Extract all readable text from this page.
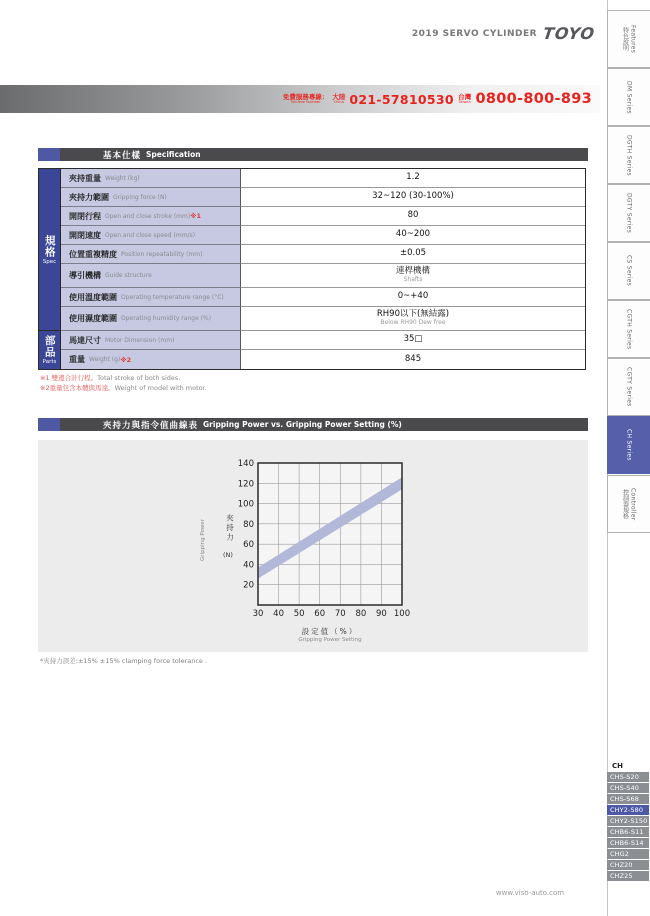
2019 SERVO CYLINDER TOYO
免費服務專線：
Toll-free Number
大陸
China 021-57810530 台灣
Taiwan 0800-800-893
基本仕樣 Specification
規格
Spec
部品
Parts
夾持重量 Weight (kg)	1.2
夾持力範圍 Gripping force (N)	32~120 (30-100%)
開閉行程 Open and close stroke (mm) ※1	80
開閉速度 Open and close speed (mm/s)	40~200
位置重複精度 Position repeatability (mm)	±0.05
導引機構 Guide structure	連桿機構
Shafts
使用溫度範圍 Operating temperature range (°C)	0~+40
使用濕度範圍 Operating humidity range (%)	RH90以下(無結露)
Below RH90 Dew free
馬達尺寸 Motor Dimension (mm)	35□
重量 Weight (g) ※2	845
※1 雙邊合計行程。Total stroke of both sides.
※2重量包含本體與馬達。Weight of model with motor.
夾持力與指令值曲線表 Gripping Power vs. Gripping Power Setting (%)
30 40 50 60 70 80 90 100
20
40
60
80
100
120
140
Gripping Power	夾持力
(N)
設定值（%）
Gripping Power Setting
*夾持力誤差:±15% ±15% clamping force tolerance .
特色說明 Features
DM Series
DGTH Series
DGTY Series
CS Series
CGTH Series
CGTY Series
CH Series
控制器規格 Controller
CH
CHS-S20
CHS-S40
CHS-S68
CHY2-S80
CHY2-S150
CHB6-S11
CHB6-S14
CHG2
CHZ20
CHZ25
www.viso-auto.com
